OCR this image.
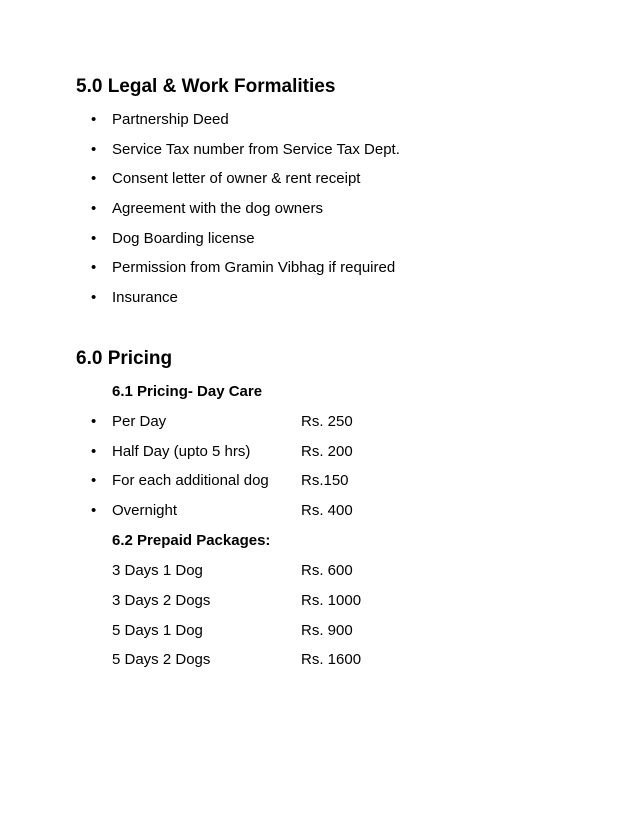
5.0 Legal & Work Formalities
• Partnership Deed
• Service Tax number from Service Tax Dept.
• Consent letter of owner & rent receipt
• Agreement with the dog owners
• Dog Boarding license
• Permission from Gramin Vibhag if required
• Insurance
6.0 Pricing
6.1 Pricing- Day Care
• Per Day	Rs. 250
• Half Day (upto 5 hrs)	Rs. 200
• For each additional dog Rs.150
• Overnight	Rs. 400
6.2 Prepaid Packages:
3 Days 1 Dog	Rs. 600
3 Days 2 Dogs	Rs. 1000
5 Days 1 Dog	Rs. 900
5 Days 2 Dogs	Rs. 1600
